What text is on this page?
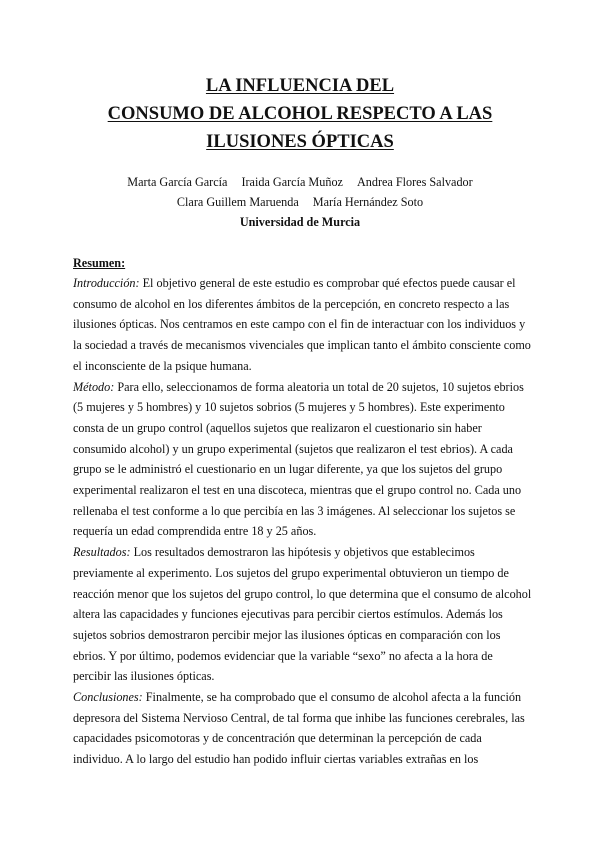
LA INFLUENCIA DEL
CONSUMO DE ALCOHOL RESPECTO A LAS
ILUSIONES ÓPTICAS
Marta García García Iraida García Muñoz Andrea Flores Salvador
Clara Guillem Maruenda María Hernández Soto
Universidad de Murcia
Resumen:
Introducción: El objetivo general de este estudio es comprobar qué efectos puede causar el
consumo de alcohol en los diferentes ámbitos de la percepción, en concreto respecto a las
ilusiones ópticas. Nos centramos en este campo con el fin de interactuar con los individuos y
la sociedad a través de mecanismos vivenciales que implican tanto el ámbito consciente como
el inconsciente de la psique humana.
Método: Para ello, seleccionamos de forma aleatoria un total de 20 sujetos, 10 sujetos ebrios
(5 mujeres y 5 hombres) y 10 sujetos sobrios (5 mujeres y 5 hombres). Este experimento
consta de un grupo control (aquellos sujetos que realizaron el cuestionario sin haber
consumido alcohol) y un grupo experimental (sujetos que realizaron el test ebrios). A cada
grupo se le administró el cuestionario en un lugar diferente, ya que los sujetos del grupo
experimental realizaron el test en una discoteca, mientras que el grupo control no. Cada uno
rellenaba el test conforme a lo que percibía en las 3 imágenes. Al seleccionar los sujetos se
requería un edad comprendida entre 18 y 25 años.
Resultados: Los resultados demostraron las hipótesis y objetivos que establecimos
previamente al experimento. Los sujetos del grupo experimental obtuvieron un tiempo de
reacción menor que los sujetos del grupo control, lo que determina que el consumo de alcohol
altera las capacidades y funciones ejecutivas para percibir ciertos estímulos. Además los
sujetos sobrios demostraron percibir mejor las ilusiones ópticas en comparación con los
ebrios. Y por último, podemos evidenciar que la variable “sexo” no afecta a la hora de
percibir las ilusiones ópticas.
Conclusiones: Finalmente, se ha comprobado que el consumo de alcohol afecta a la función
depresora del Sistema Nervioso Central, de tal forma que inhibe las funciones cerebrales, las
capacidades psicomotoras y de concentración que determinan la percepción de cada
individuo. A lo largo del estudio han podido influir ciertas variables extrañas en los
